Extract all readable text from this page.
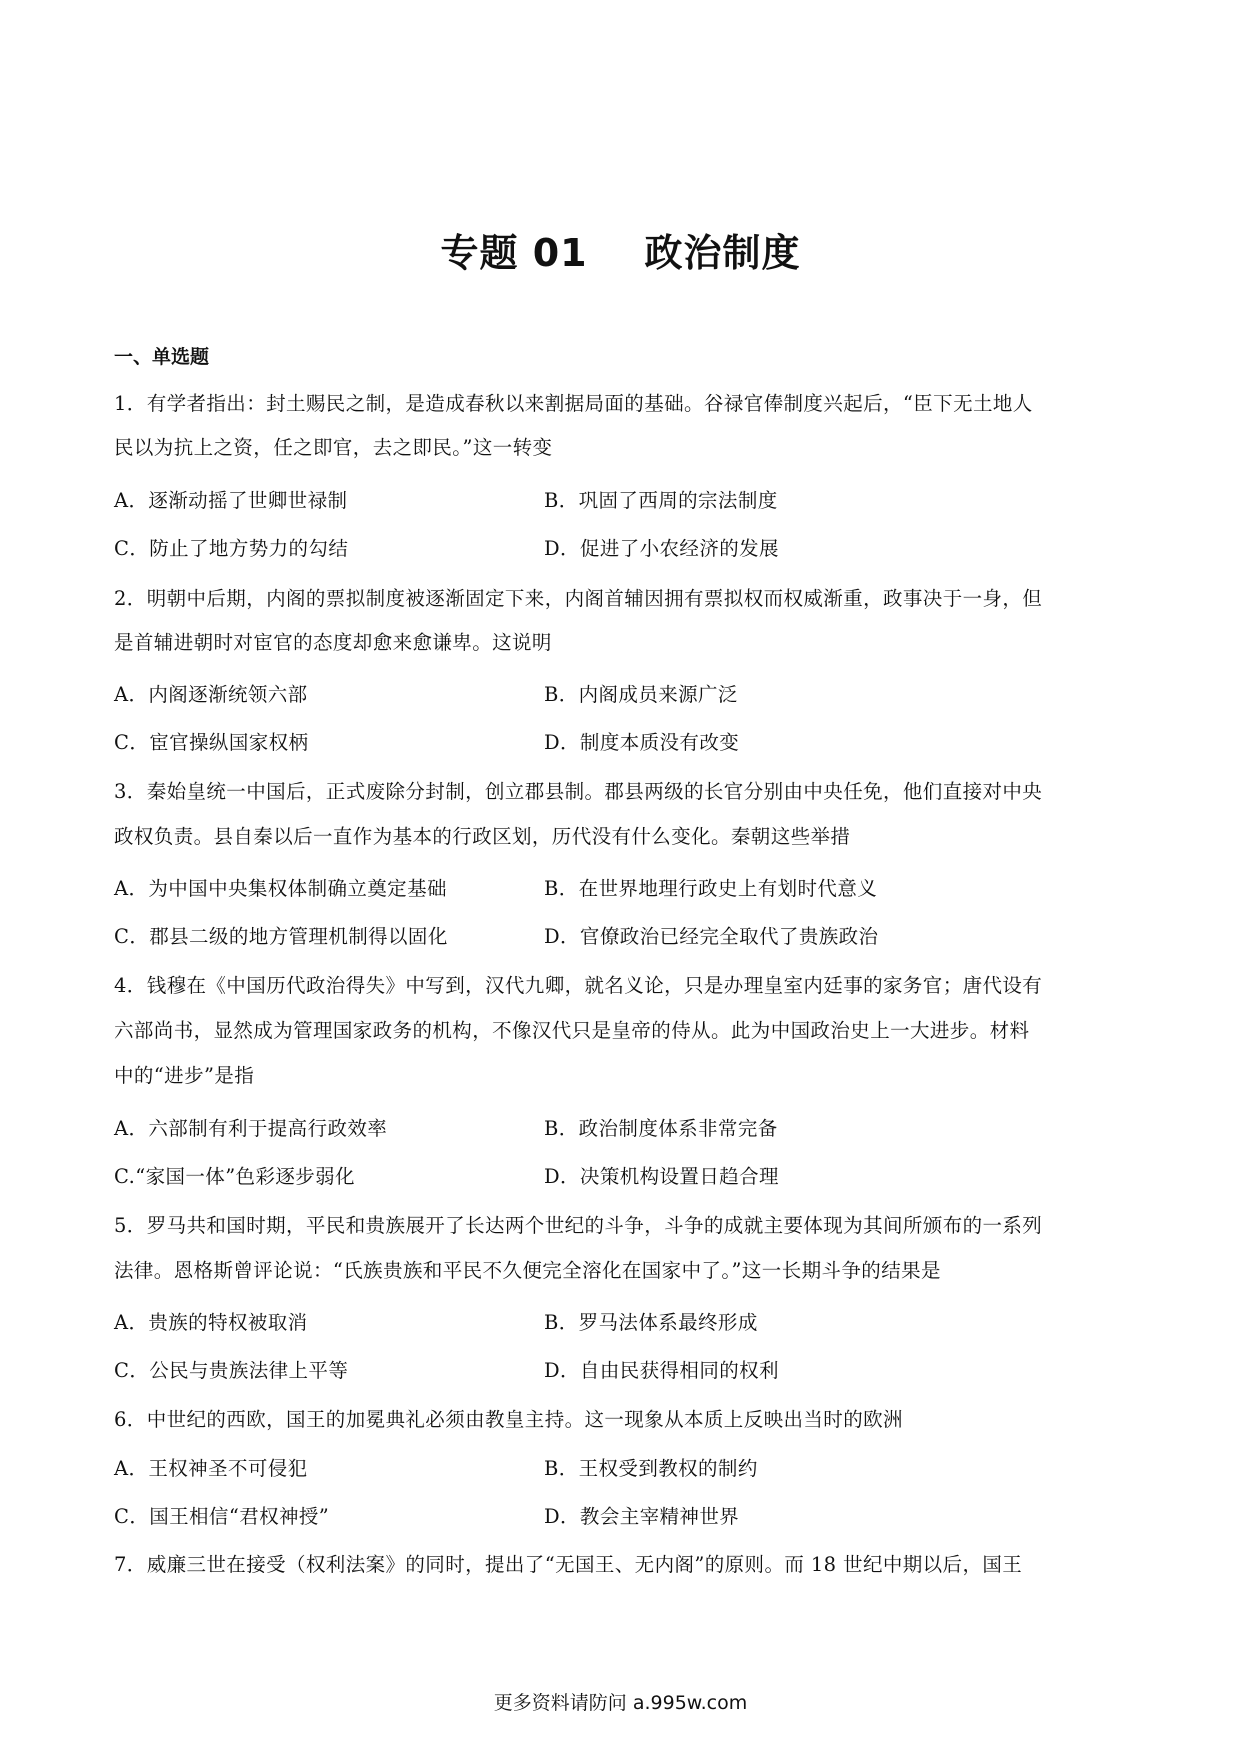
专题 01    政治制度
一、单选题
1．有学者指出：封土赐民之制，是造成春秋以来割据局面的基础。谷禄官俸制度兴起后，“臣下无土地人
民以为抗上之资，任之即官，去之即民。”这一转变
A．逐渐动摇了世卿世禄制	B．巩固了西周的宗法制度
C．防止了地方势力的勾结	D．促进了小农经济的发展
2．明朝中后期，内阁的票拟制度被逐渐固定下来，内阁首辅因拥有票拟权而权威渐重，政事决于一身，但
是首辅进朝时对宦官的态度却愈来愈谦卑。这说明
A．内阁逐渐统领六部	B．内阁成员来源广泛
C．宦官操纵国家权柄	D．制度本质没有改变
3．秦始皇统一中国后，正式废除分封制，创立郡县制。郡县两级的长官分别由中央任免，他们直接对中央
政权负责。县自秦以后一直作为基本的行政区划，历代没有什么变化。秦朝这些举措
A．为中国中央集权体制确立奠定基础	B．在世界地理行政史上有划时代意义
C．郡县二级的地方管理机制得以固化	D．官僚政治已经完全取代了贵族政治
4．钱穆在《中国历代政治得失》中写到，汉代九卿，就名义论，只是办理皇室内廷事的家务官；唐代设有
六部尚书，显然成为管理国家政务的机构，不像汉代只是皇帝的侍从。此为中国政治史上一大进步。材料
中的“进步”是指
A．六部制有利于提高行政效率	B．政治制度体系非常完备
C.“家国一体”色彩逐步弱化	D．决策机构设置日趋合理
5．罗马共和国时期，平民和贵族展开了长达两个世纪的斗争，斗争的成就主要体现为其间所颁布的一系列
法律。恩格斯曾评论说：“氏族贵族和平民不久便完全溶化在国家中了。”这一长期斗争的结果是
A．贵族的特权被取消	B．罗马法体系最终形成
C．公民与贵族法律上平等	D．自由民获得相同的权利
6．中世纪的西欧，国王的加冕典礼必须由教皇主持。这一现象从本质上反映出当时的欧洲
A．王权神圣不可侵犯	B．王权受到教权的制约
C．国王相信“君权神授”	D．教会主宰精神世界
7．威廉三世在接受（权利法案》的同时，提出了“无国王、无内阁”的原则。而 18 世纪中期以后，国王
更多资料请防问 a.995w.com
